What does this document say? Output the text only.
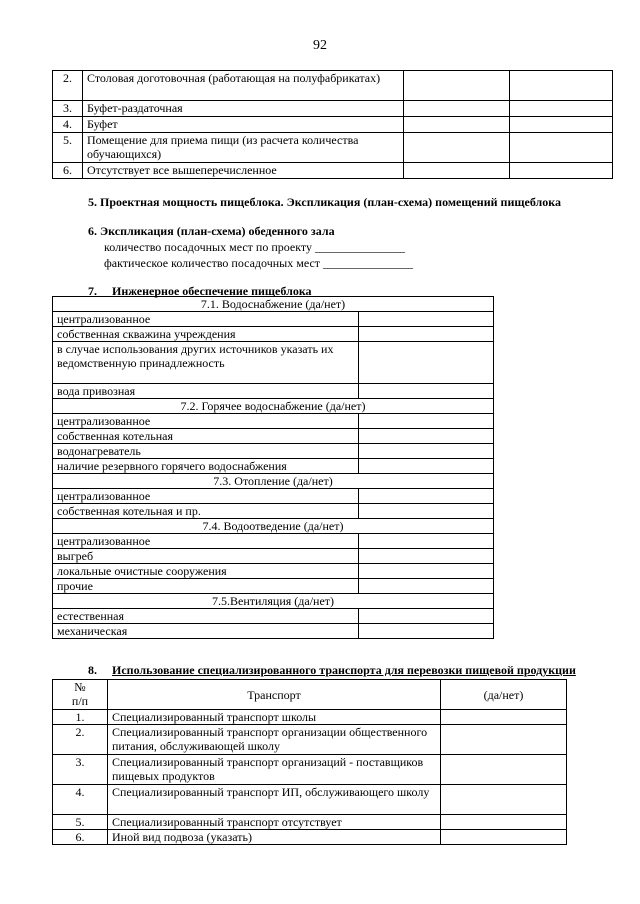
92
2.	Столовая доготовочная (работающая на полуфабрикатах)		
3.	Буфет-раздаточная		
4.	Буфет		
5.	Помещение для приема пищи (из расчета количества обучающихся)		
6.	Отсутствует все вышеперечисленное		
5. Проектная мощность пищеблока. Экспликация (план-схема) помещений пищеблока
6. Экспликация (план-схема) обеденного зала
количество посадочных мест по проекту _______________
фактическое количество посадочных мест _______________
7. Инженерное обеспечение пищеблока
7.1. Водоснабжение (да/нет)	
централизованное	
собственная скважина учреждения	

в случае использования других источников указать их
ведомственную принадлежность	

вода привозная	
7.2. Горячее водоснабжение (да/нет)	
централизованное	
собственная котельная	
водонагреватель	
наличие резервного горячего водоснабжения	
7.3. Отопление (да/нет)	
централизованное	
собственная котельная и пр.	
7.4. Водоотведение (да/нет)	
централизованное	
выгреб	
локальные очистные сооружения	
прочие	
7.5.Вентиляция (да/нет)	
естественная	
механическая	
8. Использование специализированного транспорта для перевозки пищевой продукции
№ п/п	Транспорт	(да/нет)
1.	Специализированный транспорт школы	
2.	Специализированный транспорт организации общественного питания, обслуживающей школу	
3.	Специализированный транспорт организаций - поставщиков пищевых продуктов	
4.	Специализированный транспорт ИП, обслуживающего школу	
5.	Специализированный транспорт отсутствует	
6.	Иной вид подвоза (указать)	
